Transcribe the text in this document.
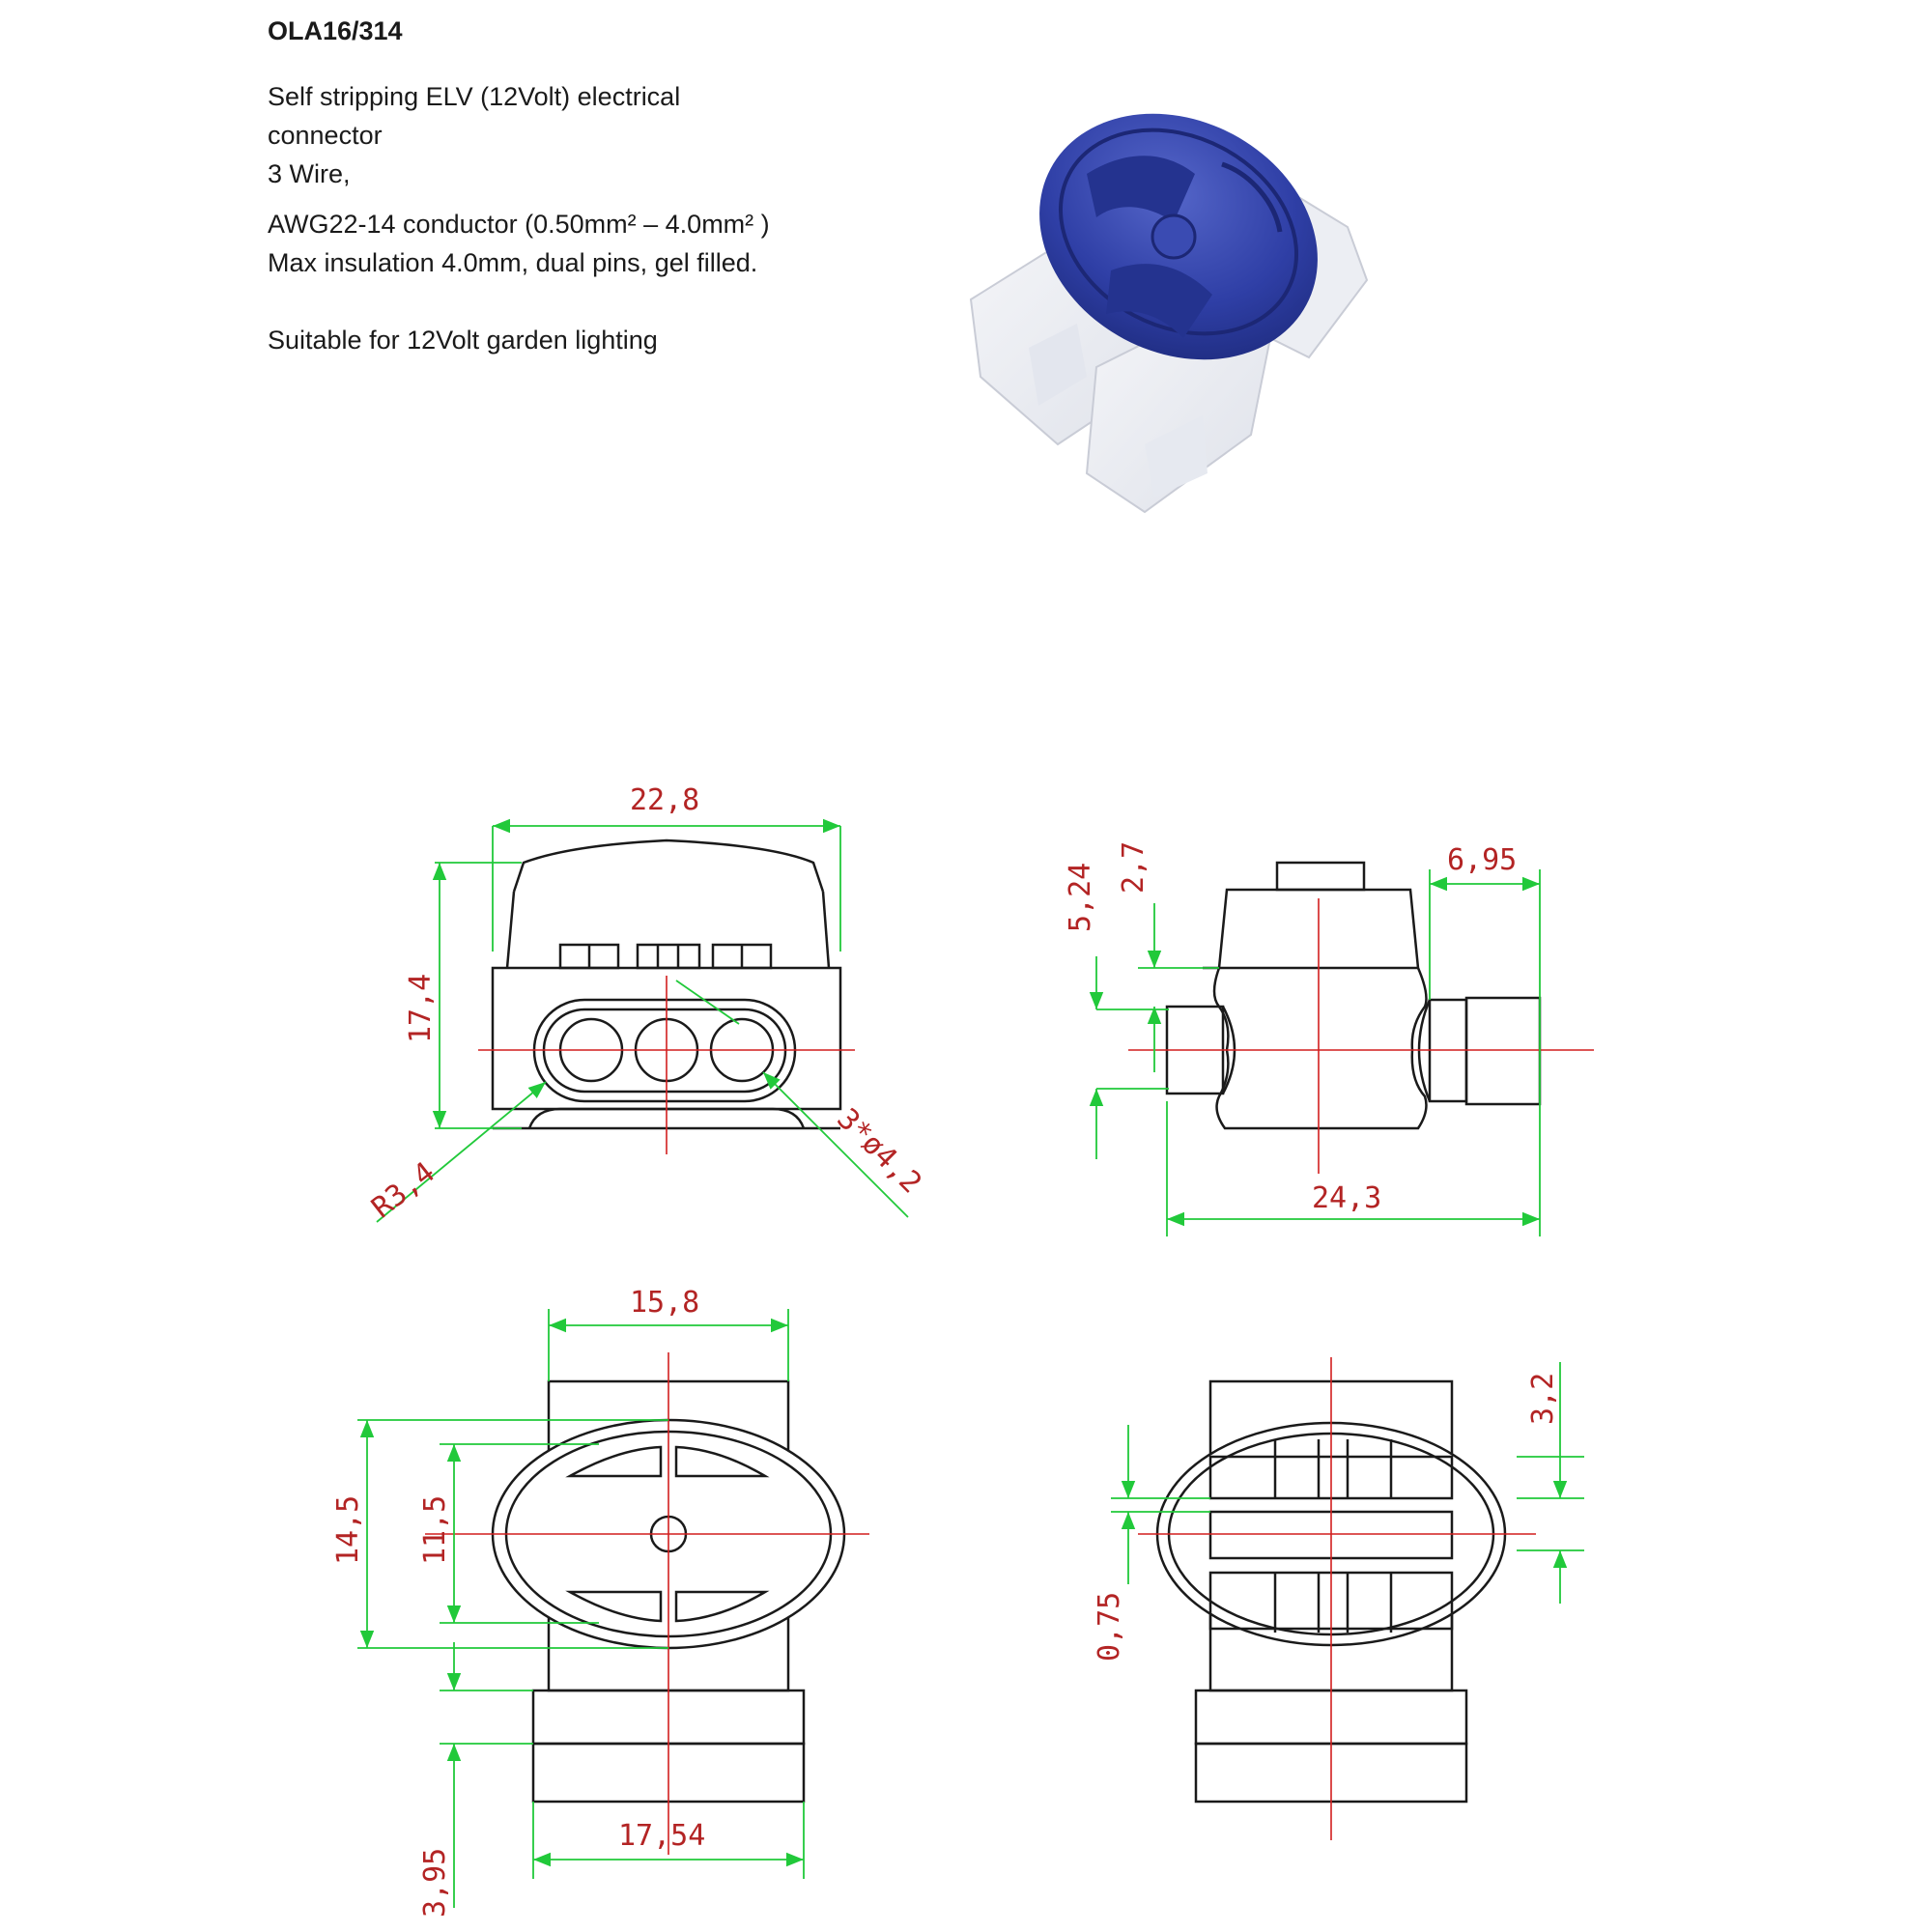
OLA16/314

Self stripping ELV (12Volt) electrical

connector

3 Wire,

AWG22-14 conductor (0.50mm² – 4.0mm² )

Max insulation 4.0mm, dual pins, gel filled.

Suitable for 12Volt garden lighting

22,8
17,4
R3,4	3*ø4,2
5,24 2,7	6,95
24,3
15,8
14,5 11,5
17,54
3,95
3,2
0,75
